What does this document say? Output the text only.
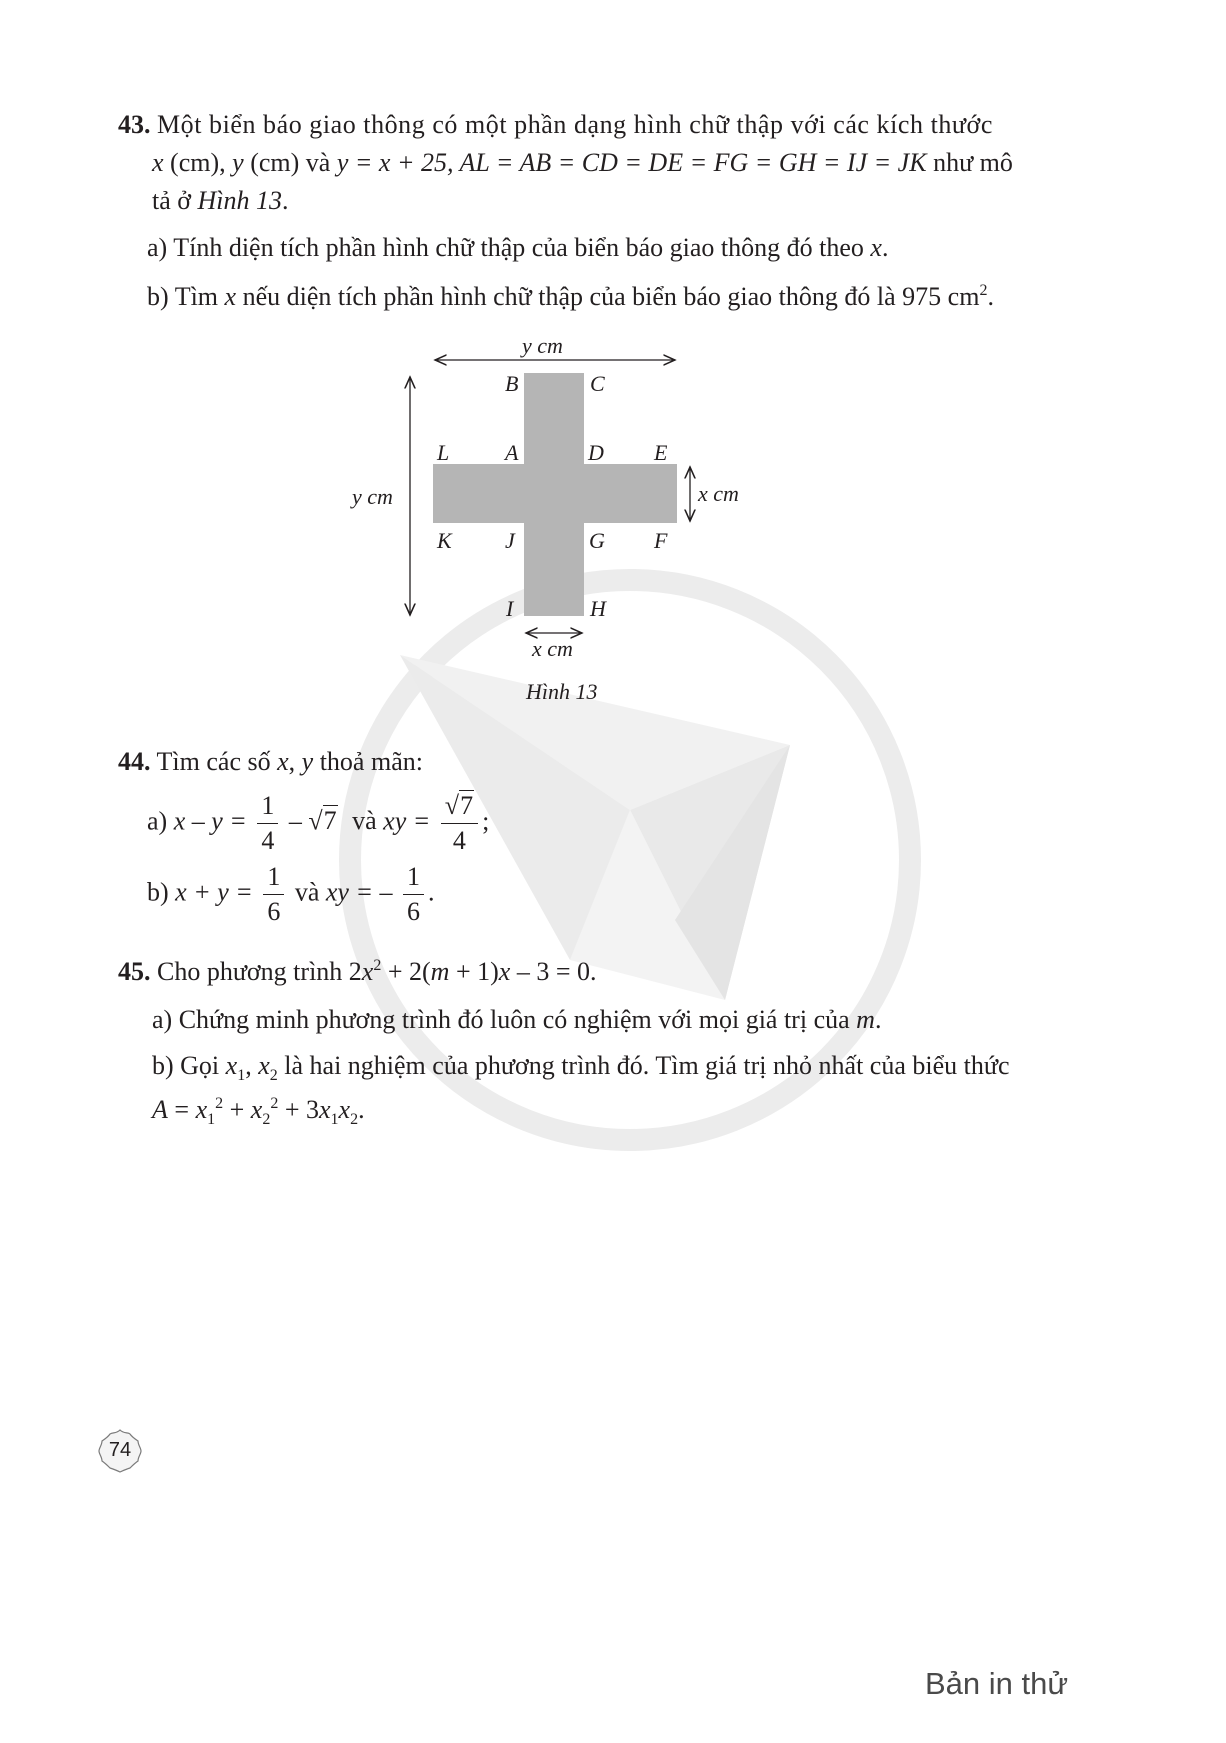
43. Một biển báo giao thông có một phần dạng hình chữ thập với các kích thước
x (cm), y (cm) và y = x + 25, AL = AB = CD = DE = FG = GH = IJ = JK như mô
tả ở Hình 13.
a) Tính diện tích phần hình chữ thập của biển báo giao thông đó theo x.
b) Tìm x nếu diện tích phần hình chữ thập của biển báo giao thông đó là 975 $cm^2$.
y cm
y cm	x cm
x cm
B	C
L	A	D E
K J	G F
I	H
Hình 13
44. Tìm các số x, y thoả mãn:
a) $x - y = \frac{1}{4} - √7$ và xy = $\frac{√7}{4}$ ;
b) $x + y = \frac{1}{6}$ và xy = – $\frac{1}{6}$ .
45. Cho phương trình $2x^2 + 2(m + 1)x - 3 = 0$.
a) Chứng minh phương trình đó luôn có nghiệm với mọi giá trị của m.
b) Gọi $x_1$, $x_2$ là hai nghiệm của phương trình đó. Tìm giá trị nhỏ nhất của biểu thức
$A = x_1^2 + x_2^2 + 3x_1x_2$.
74
Bản in thử
